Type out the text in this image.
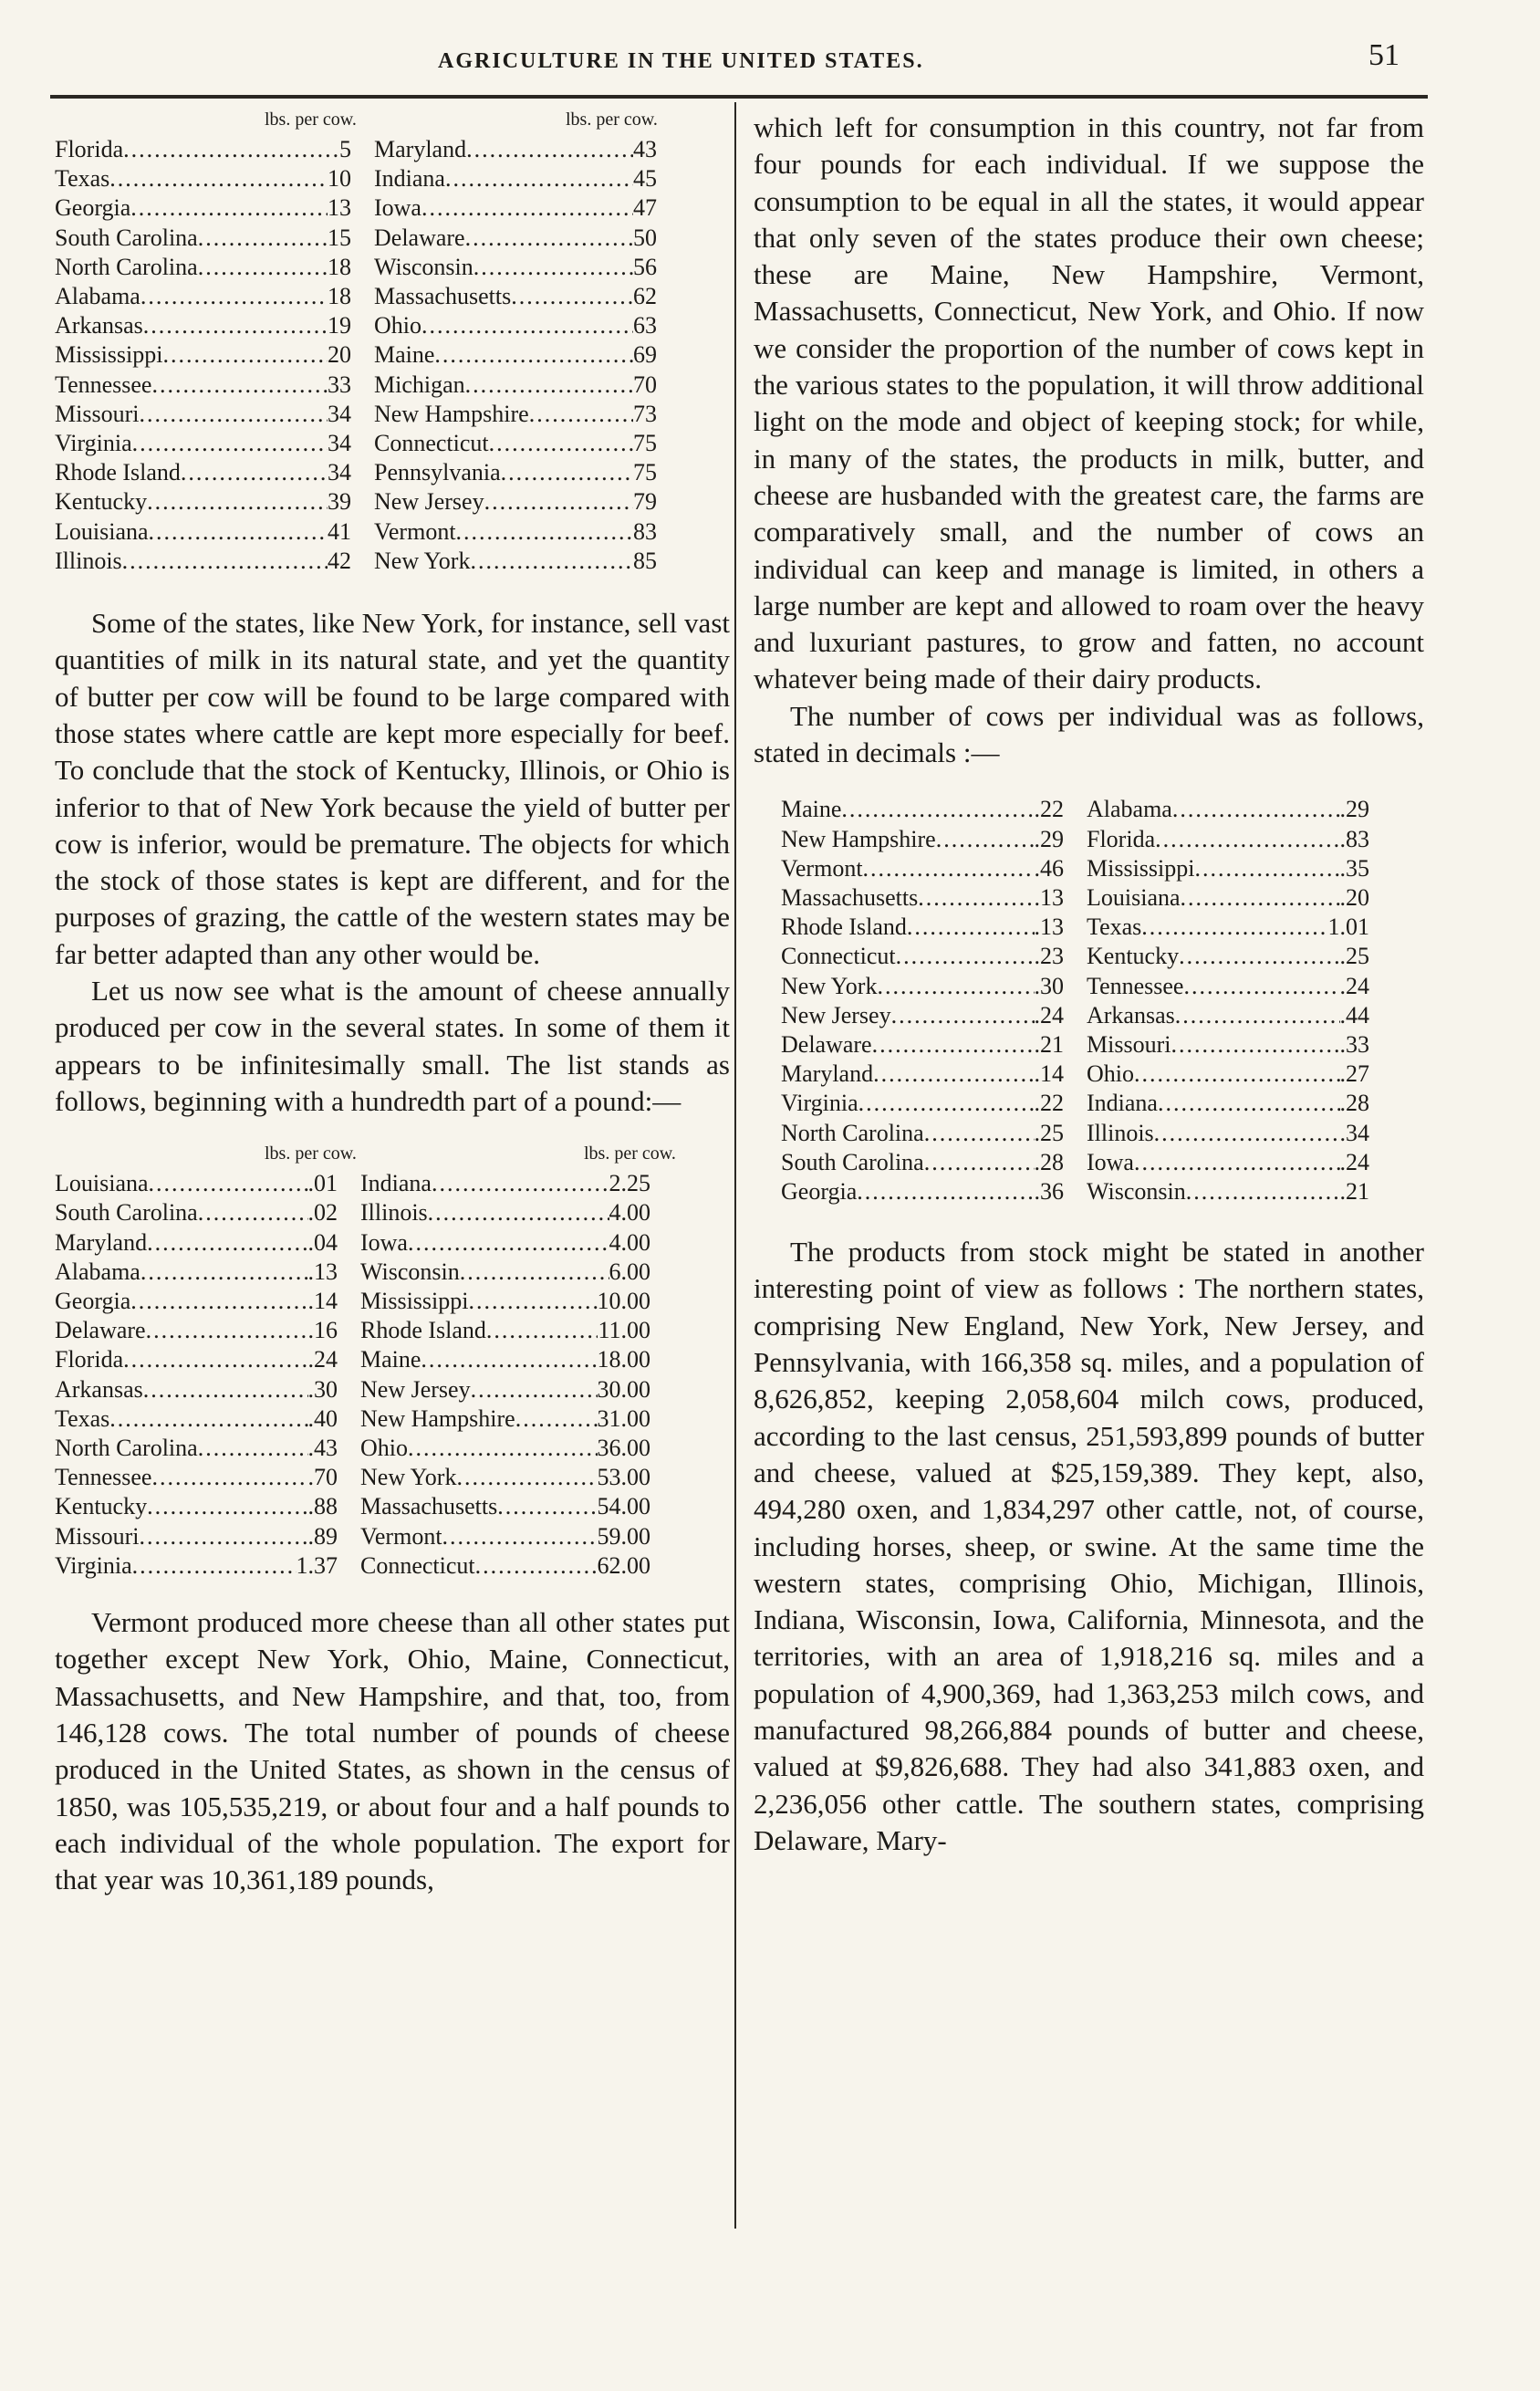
AGRICULTURE IN THE UNITED STATES.	51
lbs. per cow.	lbs. per cow.
Florida .....	5
Texas .....	10
Georgia .....	13
South Carolina .....	15
North Carolina .....	18
Alabama .....	18
Arkansas .....	19
Mississippi .....	20
Tennessee .....	33
Missouri .....	34
Virginia .....	34
Rhode Island .....	34
Kentucky .....	39
Louisiana .....	41
Illinois .....	42
Maryland .....	43
Indiana .....	45
Iowa .....	47
Delaware .....	50
Wisconsin .....	56
Massachusetts .....	62
Ohio .....	63
Maine .....	69
Michigan .....	70
New Hampshire .....	73
Connecticut .....	75
Pennsylvania .....	75
New Jersey .....	79
Vermont .....	83
New York .....	85

Some of the states, like New York, for instance, sell vast quantities of milk in its natural state, and yet the quantity of butter per cow will be found to be large compared with those states where cattle are kept more especially for beef. To conclude that the stock of Kentucky, Illinois, or Ohio is inferior to that of New York because the yield of butter per cow is inferior, would be premature. The objects for which the stock of those states is kept are different, and for the purposes of grazing, the cattle of the western states may be far better adapted than any other would be.

Let us now see what is the amount of cheese annually produced per cow in the several states. In some of them it appears to be infinitesimally small. The list stands as follows, beginning with a hundredth part of a pound:—

lbs. per cow.	lbs. per cow.
Louisiana .....	.01
South Carolina .....	.02
Maryland .....	.04
Alabama .....	.13
Georgia .....	.14
Delaware .....	.16
Florida .....	.24
Arkansas .....	.30
Texas .....	.40
North Carolina .....	.43
Tennessee .....	.70
Kentucky .....	.88
Missouri .....	.89
Virginia .....	1.37
Indiana .....	2.25
Illinois .....	4.00
Iowa .....	4.00
Wisconsin .....	6.00
Mississippi .....	10.00
Rhode Island .....	11.00
Maine .....	18.00
New Jersey .....	30.00
New Hampshire .....	31.00
Ohio .....	36.00
New York .....	53.00
Massachusetts .....	54.00
Vermont .....	59.00
Connecticut .....	62.00

Vermont produced more cheese than all other states put together except New York, Ohio, Maine, Connecticut, Massachusetts, and New Hampshire, and that, too, from 146,128 cows. The total number of pounds of cheese produced in the United States, as shown in the census of 1850, was 105,535,219, or about four and a half pounds to each individual of the whole population. The export for that year was 10,361,189 pounds,

which left for consumption in this country, not far from four pounds for each individual. If we suppose the consumption to be equal in all the states, it would appear that only seven of the states produce their own cheese; these are Maine, New Hampshire, Vermont, Massachusetts, Connecticut, New York, and Ohio. If now we consider the proportion of the number of cows kept in the various states to the population, it will throw additional light on the mode and object of keeping stock; for while, in many of the states, the products in milk, butter, and cheese are husbanded with the greatest care, the farms are comparatively small, and the number of cows an individual can keep and manage is limited, in others a large number are kept and allowed to roam over the heavy and luxuriant pastures, to grow and fatten, no account whatever being made of their dairy products.

The number of cows per individual was as follows, stated in decimals :—

Maine .....	.22
New Hampshire .....	.29
Vermont .....	.46
Massachusetts .....	.13
Rhode Island .....	.13
Connecticut .....	.23
New York .....	.30
New Jersey .....	.24
Delaware .....	.21
Maryland .....	.14
Virginia .....	.22
North Carolina .....	.25
South Carolina .....	.28
Georgia .....	.36
Alabama .....	.29
Florida .....	.83
Mississippi .....	.35
Louisiana .....	.20
Texas .....	1.01
Kentucky .....	.25
Tennessee .....	.24
Arkansas .....	.44
Missouri .....	.33
Ohio .....	.27
Indiana .....	.28
Illinois .....	.34
Iowa .....	.24
Wisconsin .....	.21

The products from stock might be stated in another interesting point of view as follows : The northern states, comprising New England, New York, New Jersey, and Pennsylvania, with 166,358 sq. miles, and a population of 8,626,852, keeping 2,058,604 milch cows, produced, according to the last census, 251,593,899 pounds of butter and cheese, valued at $25,159,389. They kept, also, 494,280 oxen, and 1,834,297 other cattle, not, of course, including horses, sheep, or swine. At the same time the western states, comprising Ohio, Michigan, Illinois, Indiana, Wisconsin, Iowa, California, Minnesota, and the territories, with an area of 1,918,216 sq. miles and a population of 4,900,369, had 1,363,253 milch cows, and manufactured 98,266,884 pounds of butter and cheese, valued at $9,826,688. They had also 341,883 oxen, and 2,236,056 other cattle. The southern states, comprising Delaware, Mary-
